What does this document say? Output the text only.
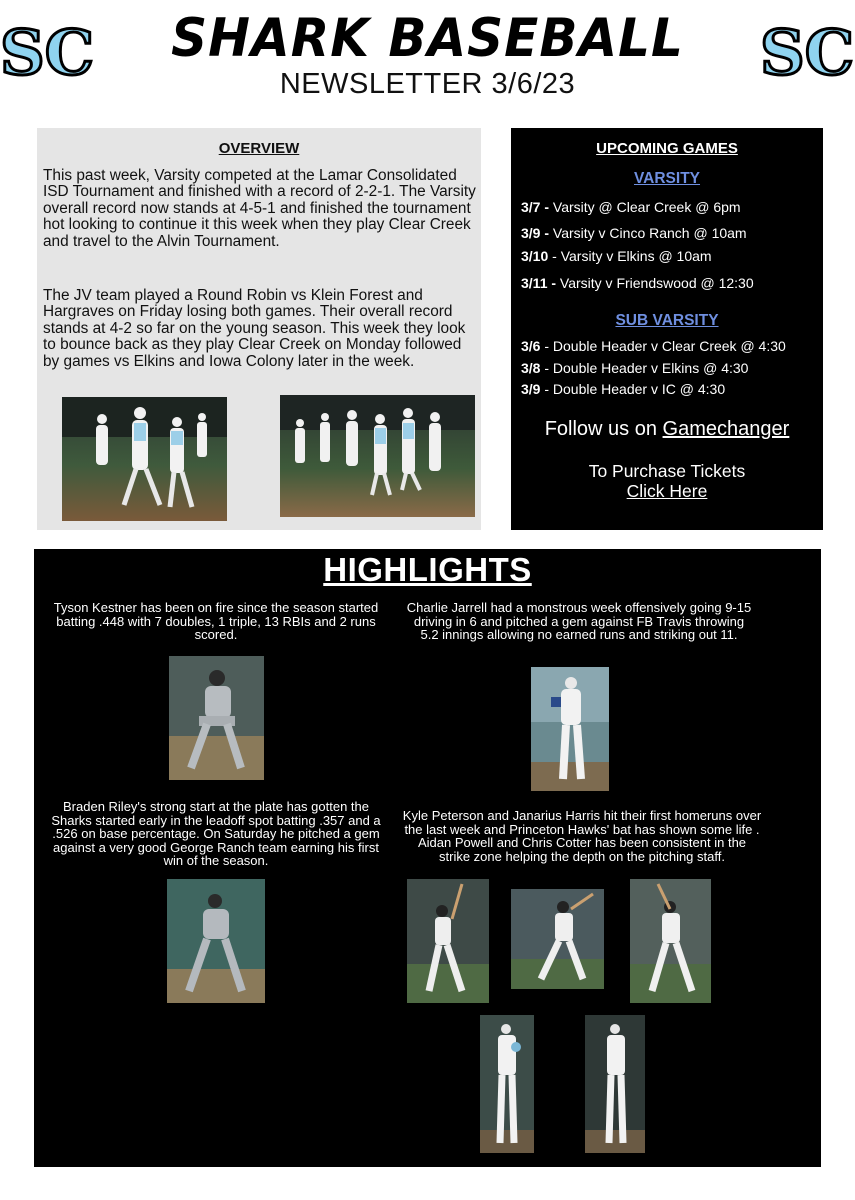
SC	SC
SHARK BASEBALL
NEWSLETTER 3/6/23
OVERVIEW
This past week, Varsity competed at the Lamar Consolidated ISD Tournament and finished with a record of 2-2-1. The Varsity overall record now stands at 4-5-1 and finished the tournament hot looking to continue it this week when they play Clear Creek and travel to the Alvin Tournament.
The JV team played a Round Robin vs Klein Forest and Hargraves on Friday losing both games. Their overall record stands at 4-2 so far on the young season. This week they look to bounce back as they play Clear Creek on Monday followed by games vs Elkins and Iowa Colony later in the week.
UPCOMING GAMES
VARSITY
3/7 - Varsity @ Clear Creek @ 6pm
3/9 - Varsity v Cinco Ranch @ 10am
3/10 - Varsity v Elkins @ 10am
3/11 - Varsity v Friendswood @ 12:30
SUB VARSITY
3/6 - Double Header v Clear Creek @ 4:30
3/8 - Double Header v Elkins @ 4:30
3/9 - Double Header v IC @ 4:30
Follow us on Gamechanger
To Purchase Tickets
Click Here
HIGHLIGHTS
Tyson Kestner has been on fire since the season started batting .448 with 7 doubles, 1 triple, 13 RBIs and 2 runs scored.
Charlie Jarrell had a monstrous week offensively going 9-15 driving in 6 and pitched a gem against FB Travis throwing 5.2 innings allowing no earned runs and striking out 11.
Braden Riley's strong start at the plate has gotten the Sharks started early in the leadoff spot batting .357 and a .526 on base percentage. On Saturday he pitched a gem against a very good George Ranch team earning his first win of the season.
Kyle Peterson and Janarius Harris hit their first homeruns over the last week and Princeton Hawks' bat has shown some life . Aidan Powell and Chris Cotter has been consistent in the strike zone helping the depth on the pitching staff.
